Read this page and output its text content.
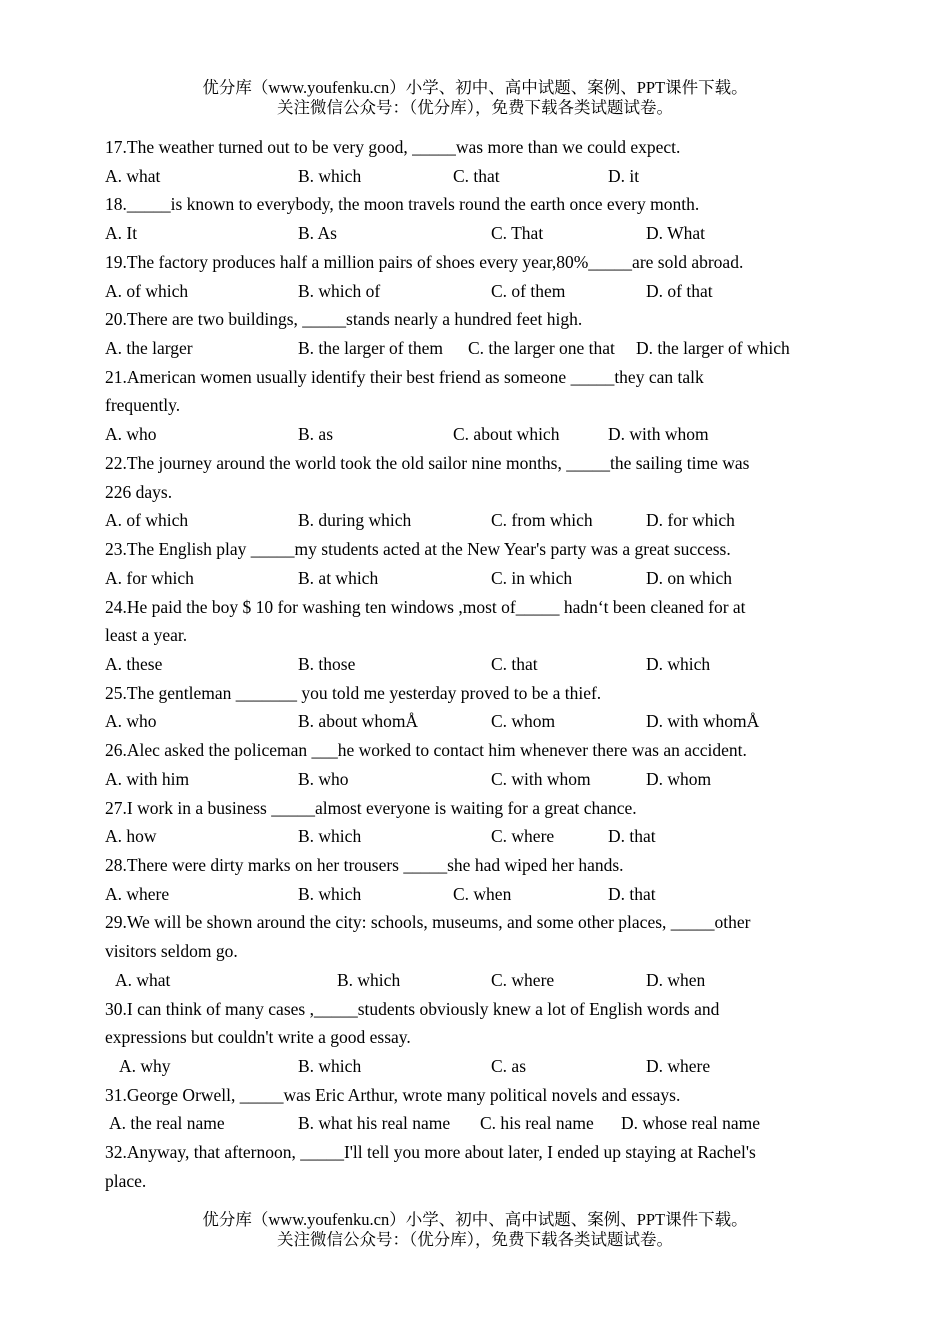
优分库（www.youfenku.cn）小学、初中、高中试题、案例、PPT课件下载。
关注微信公众号：（优分库），免费下载各类试题试卷。
17.The weather turned out to be very good, _____was more than we could expect.
A. what	B. which	C. that	D. it
18._____is known to everybody, the moon travels round the earth once every month.
A. It	B. As	C. That	D. What
19.The factory produces half a million pairs of shoes every year,80%_____are sold abroad.
A. of which	B. which of	C. of them	D. of that
20.There are two buildings, _____stands nearly a hundred feet high.
A. the larger	B. the larger of them C. the larger one that D. the larger of which
21.American women usually identify their best friend as someone _____they can talk
frequently.
A. who	B. as	C. about which	D. with whom
22.The journey around the world took the old sailor nine months, _____the sailing time was
226 days.
A. of which	B. during which	C. from which	D. for which
23.The English play _____my students acted at the New Year's party was a great success.
A. for which	B. at which	C. in which	D. on which
24.He paid the boy $ 10 for washing ten windows ,most of_____ hadn‘t been cleaned for at
least a year.
A. these	B. those	C. that	D. which
25.The gentleman _______ you told me yesterday proved to be a thief.
A. who	B. about whomÅ	C. whom	D. with whomÅ
26.Alec asked the policeman ___he worked to contact him whenever there was an accident.
A. with him	B. who	C. with whom	D. whom
27.I work in a business _____almost everyone is waiting for a great chance.
A. how	B. which	C. where	D. that
28.There were dirty marks on her trousers _____she had wiped her hands.
A. where	B. which	C. when	D. that
29.We will be shown around the city: schools, museums, and some other places, _____other
visitors seldom go.
A. what	B. which	C. where	D. when
30.I can think of many cases ,_____students obviously knew a lot of English words and
expressions but couldn't write a good essay.
A. why	B. which	C. as	D. where
31.George Orwell, _____was Eric Arthur, wrote many political novels and essays.
A. the real name	B. what his real name C. his real name D. whose real name
32.Anyway, that afternoon, _____I'll tell you more about later, I ended up staying at Rachel's
place.
优分库（www.youfenku.cn）小学、初中、高中试题、案例、PPT课件下载。
关注微信公众号：（优分库），免费下载各类试题试卷。
